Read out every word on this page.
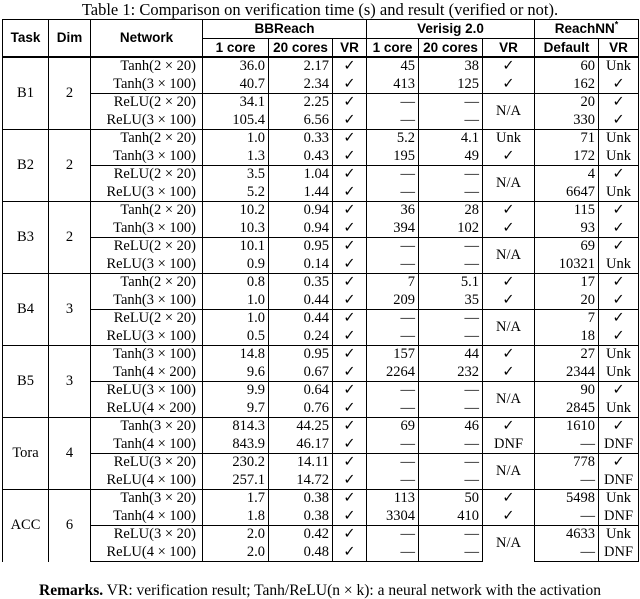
Table 1: Comparison on verification time (s) and result (verified or not).
Task	Dim	Network	BBReach			Verisig 2.0			ReachNN*
			1 core	20 cores	VR	1 core	20 cores	VR	Default	VR
B1	2	Tanh(2 × 20)	36.0	2.17	✓	45	38	✓	60	Unk
		Tanh(3 × 100)	40.7	2.34	✓	413	125	✓	162	✓
		ReLU(2 × 20)	34.1	2.25	✓	—	—	N/A	20	✓
		ReLU(3 × 100)	105.4	6.56	✓	—	—		330	✓
B2	2	Tanh(2 × 20)	1.0	0.33	✓	5.2	4.1	Unk	71	Unk
		Tanh(3 × 100)	1.3	0.43	✓	195	49	✓	172	Unk
		ReLU(2 × 20)	3.5	1.04	✓	—	—	N/A	4	✓
		ReLU(3 × 100)	5.2	1.44	✓	—	—		6647	Unk
B3	2	Tanh(2 × 20)	10.2	0.94	✓	36	28	✓	115	✓
		Tanh(3 × 100)	10.3	0.94	✓	394	102	✓	93	✓
		ReLU(2 × 20)	10.1	0.95	✓	—	—	N/A	69	✓
		ReLU(3 × 100)	0.9	0.14	✓	—	—		10321	Unk
B4	3	Tanh(2 × 20)	0.8	0.35	✓	7	5.1	✓	17	✓
		Tanh(3 × 100)	1.0	0.44	✓	209	35	✓	20	✓
		ReLU(2 × 20)	1.0	0.44	✓	—	—	N/A	7	✓
		ReLU(3 × 100)	0.5	0.24	✓	—	—		18	✓
B5	3	Tanh(3 × 100)	14.8	0.95	✓	157	44	✓	27	Unk
		Tanh(4 × 200)	9.6	0.67	✓	2264	232	✓	2344	Unk
		ReLU(3 × 100)	9.9	0.64	✓	—	—	N/A	90	✓
		ReLU(4 × 200)	9.7	0.76	✓	—	—		2845	Unk
Tora	4	Tanh(3 × 20)	814.3	44.25	✓	69	46	✓	1610	✓
		Tanh(4 × 100)	843.9	46.17	✓	—	—	DNF	—	DNF
		ReLU(3 × 20)	230.2	14.11	✓	—	—	N/A	778	✓
		ReLU(4 × 100)	257.1	14.72	✓	—	—		—	DNF
ACC	6	Tanh(3 × 20)	1.7	0.38	✓	113	50	✓	5498	Unk
		Tanh(4 × 100)	1.8	0.38	✓	3304	410	✓	—	DNF
		ReLU(3 × 20)	2.0	0.42	✓	—	—	N/A	4633	Unk
		ReLU(4 × 100)	2.0	0.48	✓	—	—		—	DNF
Remarks. VR: verification result; Tanh/ReLU(n × k): a neural network with the activation
